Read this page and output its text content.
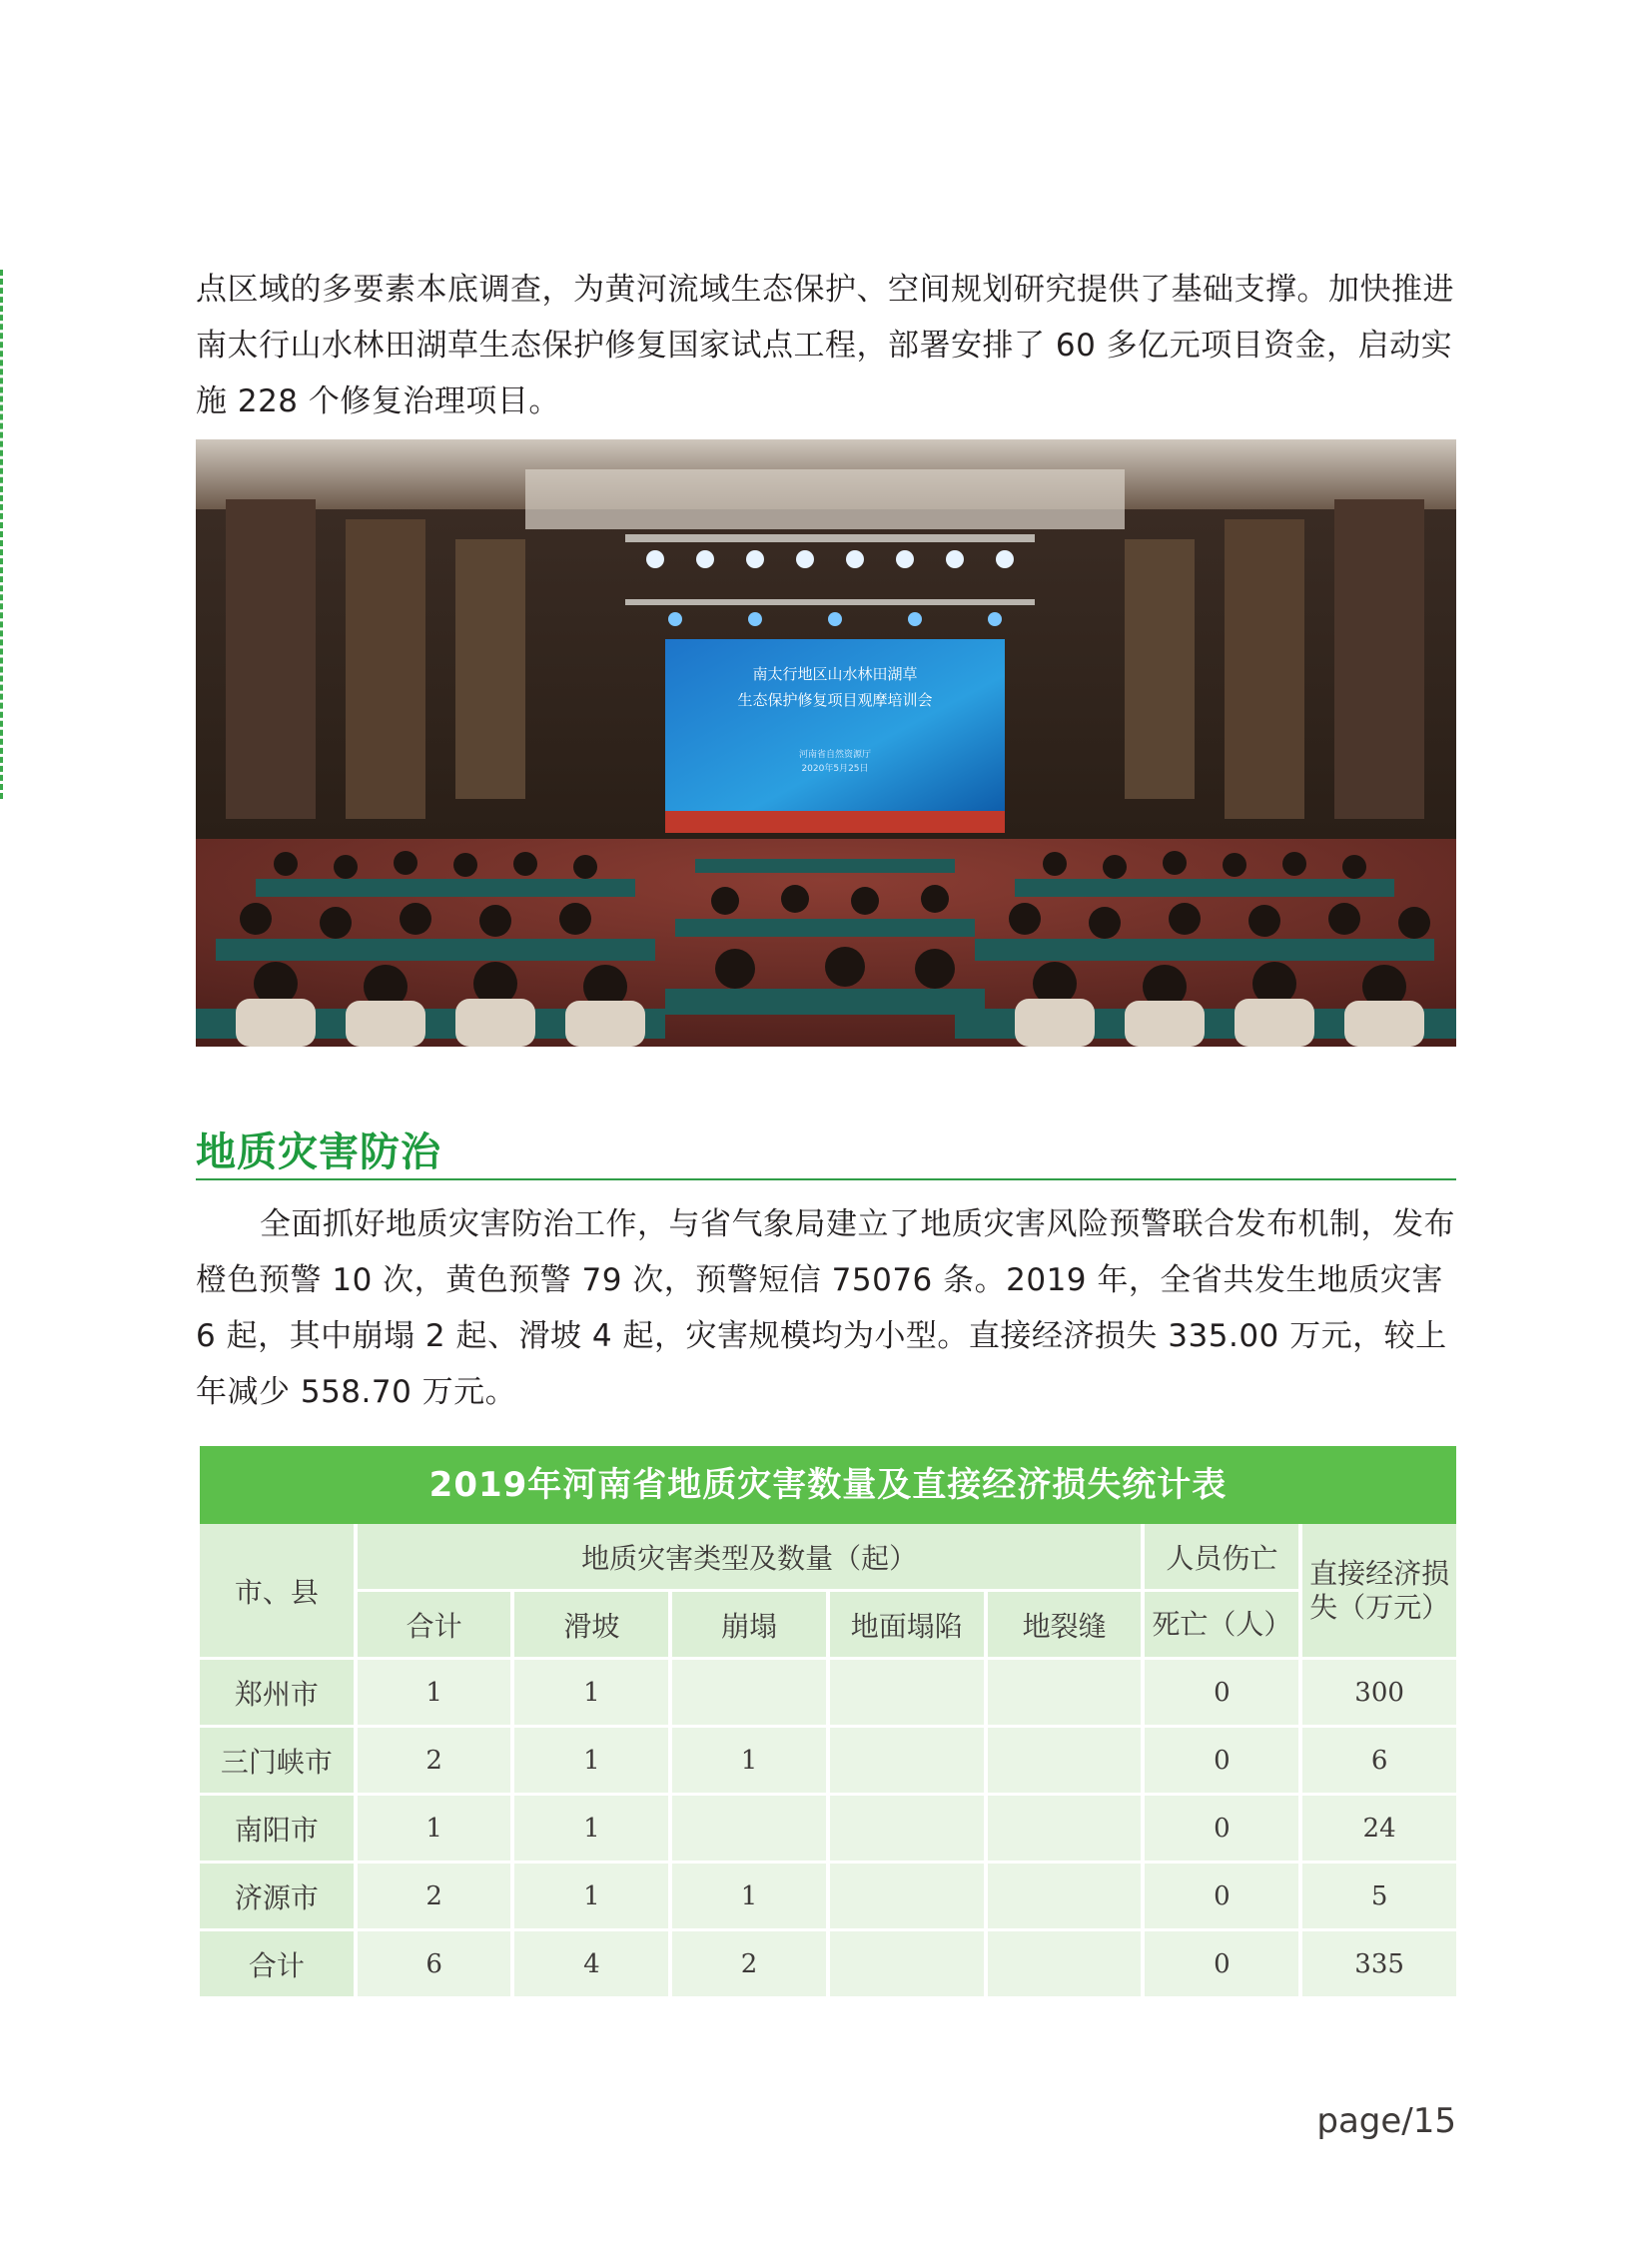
点区域的多要素本底调查，为黄河流域生态保护、空间规划研究提供了基础支撑。加快推进南太行山水林田湖草生态保护修复国家试点工程，部署安排了 60 多亿元项目资金，启动实施 228 个修复治理项目。

南太行地区山水林田湖草
生态保护修复项目观摩培训会
河南省自然资源厅
2020年5月25日
地质灾害防治

全面抓好地质灾害防治工作，与省气象局建立了地质灾害风险预警联合发布机制，发布橙色预警 10 次，黄色预警 79 次，预警短信 75076 条。2019 年，全省共发生地质灾害 6 起，其中崩塌 2 起、滑坡 4 起，灾害规模均为小型。直接经济损失 335.00 万元，较上年减少 558.70 万元。

2019年河南省地质灾害数量及直接经济损失统计表
市、县	地质灾害类型及数量（起）					人员伤亡	直接经济损失（万元）
	合计	滑坡	崩塌	地面塌陷	地裂缝	死亡（人）	
郑州市	1	1				0	300
三门峡市	2	1	1			0	6
南阳市	1	1				0	24
济源市	2	1	1			0	5
合计	6	4	2			0	335
page/15
